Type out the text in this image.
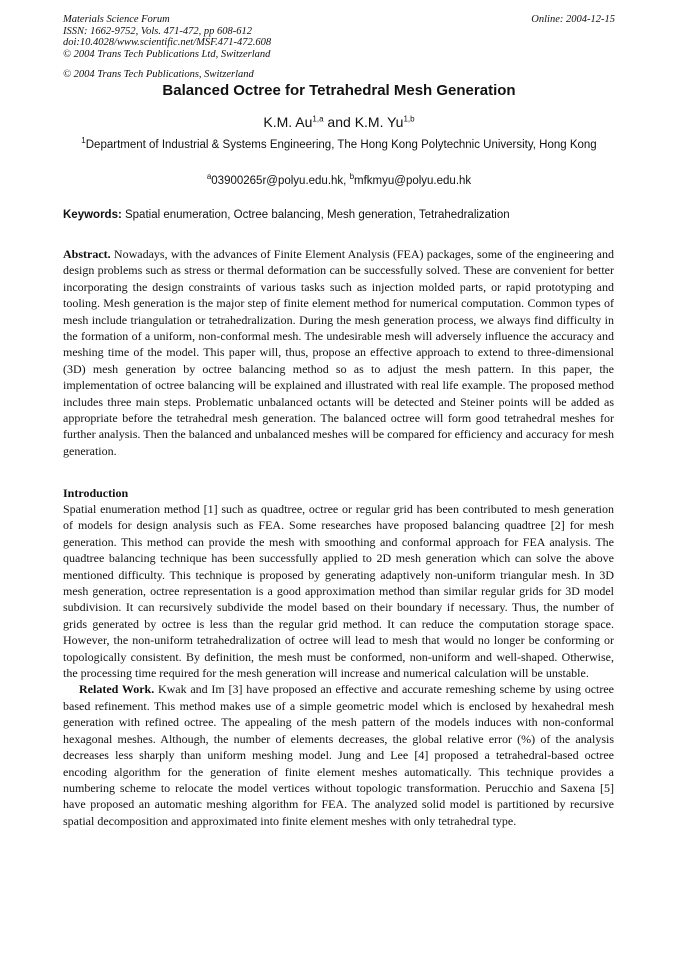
Materials Science Forum
ISSN: 1662-9752, Vols. 471-472, pp 608-612
doi:10.4028/www.scientific.net/MSF.471-472.608
© 2004 Trans Tech Publications Ltd, Switzerland
Online: 2004-12-15
© 2004 Trans Tech Publications, Switzerland
Balanced Octree for Tetrahedral Mesh Generation
K.M. Au$^{1,a}$ and K.M. Yu$^{1,b}$
$^1$Department of Industrial & Systems Engineering, The Hong Kong Polytechnic University, Hong Kong
$^a$03900265r@polyu.edu.hk, $^b$mfkmyu@polyu.edu.hk
Keywords: Spatial enumeration, Octree balancing, Mesh generation, Tetrahedralization

Abstract. Nowadays, with the advances of Finite Element Analysis (FEA) packages, some of the engineering and design problems such as stress or thermal deformation can be successfully solved. These are convenient for better incorporating the design constraints of various tasks such as injection molded parts, or rapid prototyping and tooling. Mesh generation is the major step of finite element method for numerical computation. Common types of mesh include triangulation or tetrahedralization. During the mesh generation process, we always find difficulty in the formation of a uniform, non-conformal mesh. The undesirable mesh will adversely influence the accuracy and meshing time of the model. This paper will, thus, propose an effective approach to extend to three-dimensional (3D) mesh generation by octree balancing method so as to adjust the mesh pattern. In this paper, the implementation of octree balancing will be explained and illustrated with real life example. The proposed method includes three main steps. Problematic unbalanced octants will be detected and Steiner points will be added as appropriate before the tetrahedral mesh generation. The balanced octree will form good tetrahedral meshes for further analysis. Then the balanced and unbalanced meshes will be compared for efficiency and accuracy for mesh generation.

Introduction

Spatial enumeration method [1] such as quadtree, octree or regular grid has been contributed to mesh generation of models for design analysis such as FEA. Some researches have proposed balancing quadtree [2] for mesh generation. This method can provide the mesh with smoothing and conformal approach for FEA analysis. The quadtree balancing technique has been successfully applied to 2D mesh generation which can solve the above mentioned difficulty. This technique is proposed by generating adaptively non-uniform triangular mesh. In 3D mesh generation, octree representation is a good approximation method than similar regular grids for 3D model subdivision. It can recursively subdivide the model based on their boundary if necessary. Thus, the number of grids generated by octree is less than the regular grid method. It can reduce the computation storage space. However, the non-uniform tetrahedralization of octree will lead to mesh that would no longer be conforming or topologically consistent. By definition, the mesh must be conformed, non-uniform and well-shaped. Otherwise, the processing time required for the mesh generation will increase and numerical calculation will be unstable.

Related Work. Kwak and Im [3] have proposed an effective and accurate remeshing scheme by using octree based refinement. This method makes use of a simple geometric model which is enclosed by hexahedral mesh generation with refined octree. The appealing of the mesh pattern of the models induces with non-conformal hexagonal meshes. Although, the number of elements decreases, the global relative error (%) of the analysis decreases less sharply than uniform meshing model. Jung and Lee [4] proposed a tetrahedral-based octree encoding algorithm for the generation of finite element meshes automatically. This technique provides a numbering scheme to relocate the model vertices without topologic transformation. Perucchio and Saxena [5] have proposed an automatic meshing algorithm for FEA. The analyzed solid model is partitioned by recursive spatial decomposition and approximated into finite element meshes with only tetrahedral type.
